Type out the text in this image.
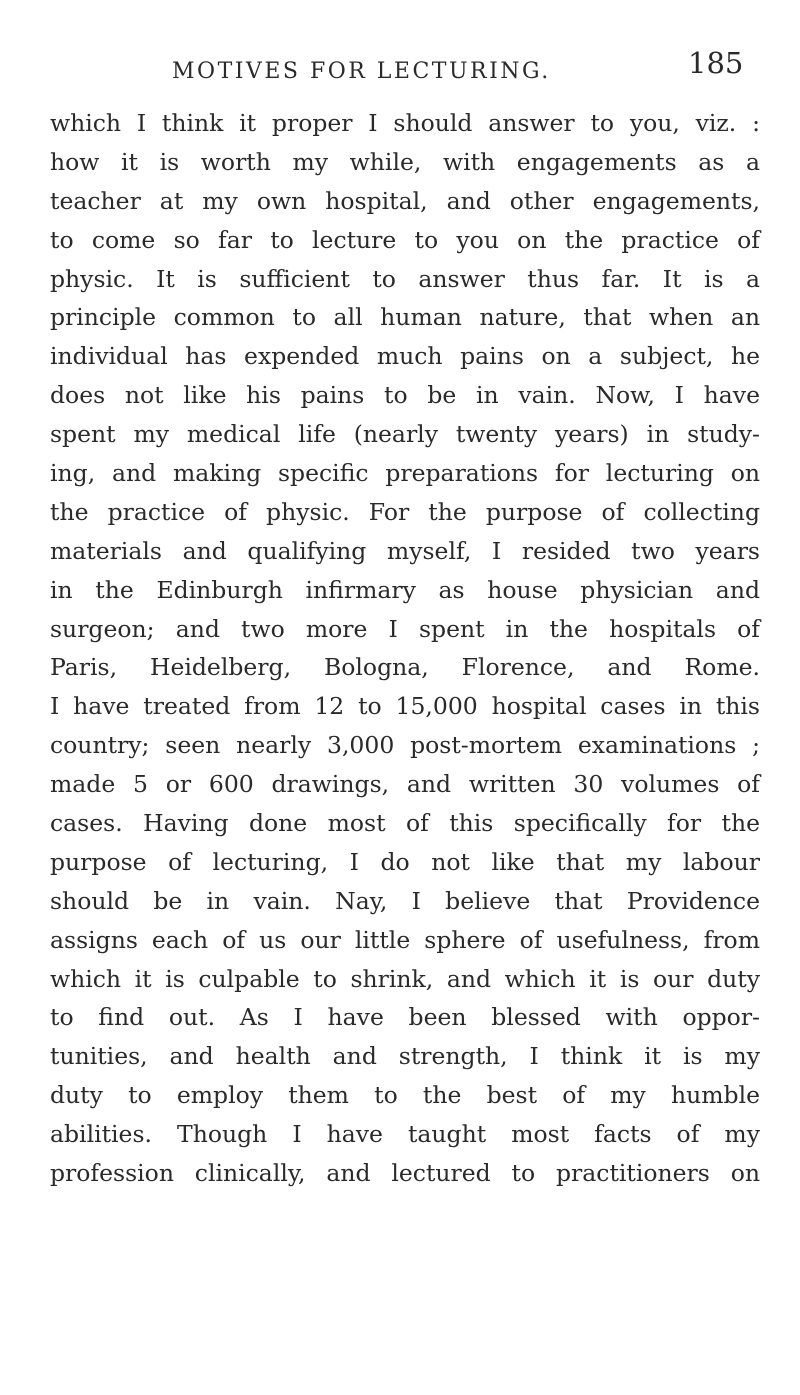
MOTIVES FOR LECTURING.	185
which I think it proper I should answer to you, viz. :
how it is worth my while, with engagements as a
teacher at my own hospital, and other engagements,
to come so far to lecture to you on the practice of
physic. It is sufficient to answer thus far. It is a
principle common to all human nature, that when an
individual has expended much pains on a subject, he
does not like his pains to be in vain. Now, I have
spent my medical life (nearly twenty years) in study-
ing, and making specific preparations for lecturing on
the practice of physic. For the purpose of collecting
materials and qualifying myself, I resided two years
in the Edinburgh infirmary as house physician and
surgeon; and two more I spent in the hospitals of
Paris, Heidelberg, Bologna, Florence, and Rome.
I have treated from 12 to 15,000 hospital cases in this
country; seen nearly 3,000 post-mortem examinations ;
made 5 or 600 drawings, and written 30 volumes of
cases. Having done most of this specifically for the
purpose of lecturing, I do not like that my labour
should be in vain. Nay, I believe that Providence
assigns each of us our little sphere of usefulness, from
which it is culpable to shrink, and which it is our duty
to find out. As I have been blessed with oppor-
tunities, and health and strength, I think it is my
duty to employ them to the best of my humble
abilities. Though I have taught most facts of my
profession clinically, and lectured to practitioners on
